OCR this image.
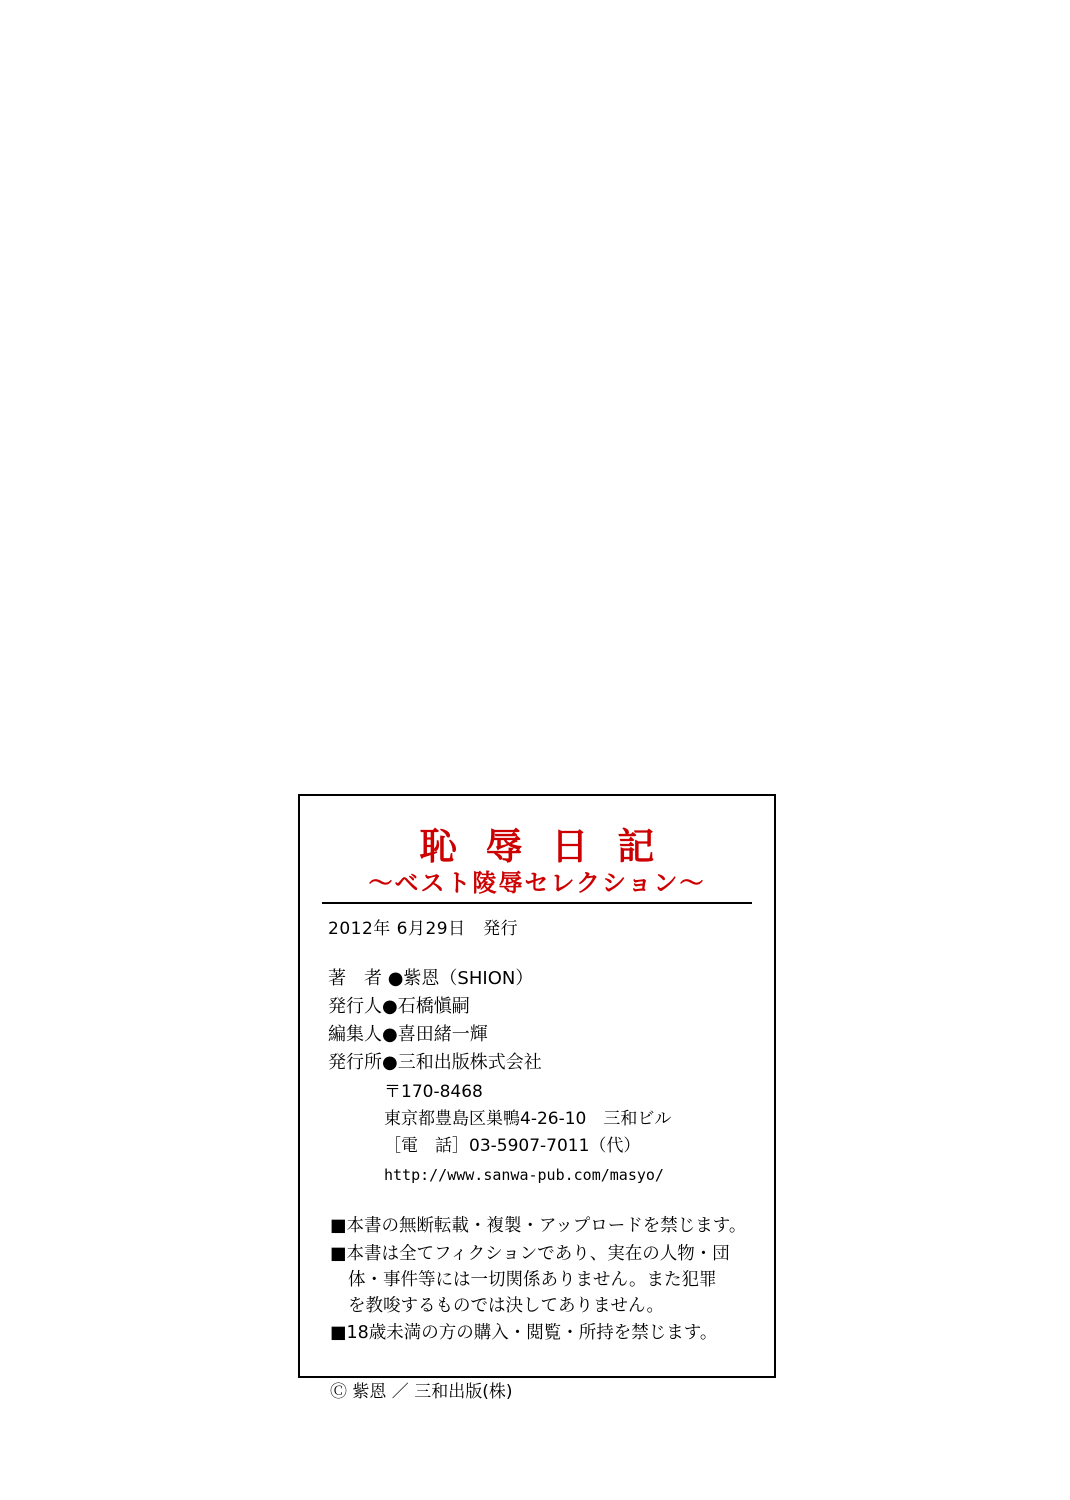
恥 辱 日 記
〜ベスト陵辱セレクション〜
2012年 6月29日　発行
著　者 ●紫恩（SHION）
発行人●石橋愼嗣
編集人●喜田緒一輝
発行所●三和出版株式会社
〒170-8468
東京都豊島区巣鴨4-26-10　三和ビル
［電　話］03-5907-7011（代）
http://www.sanwa-pub.com/masyo/
■本書の無断転載・複製・アップロードを禁じます。
■本書は全てフィクションであり、実在の人物・団
体・事件等には一切関係ありません。また犯罪
を教唆するものでは決してありません。
■18歳未満の方の購入・閲覧・所持を禁じます。
Ⓒ 紫恩 ／ 三和出版(株)
